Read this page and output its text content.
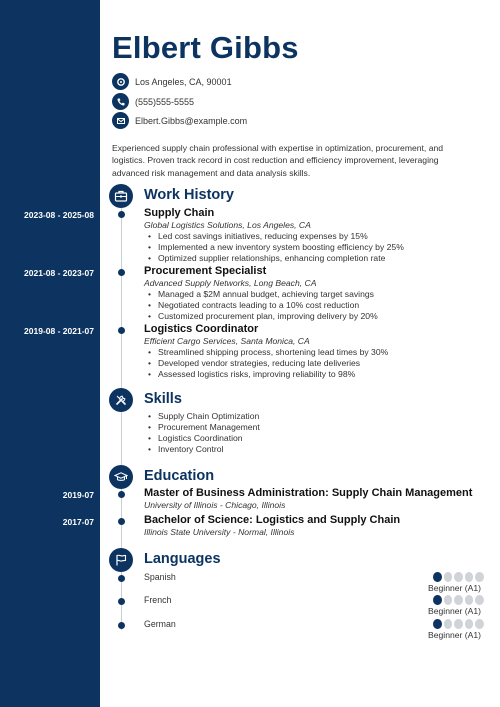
Elbert Gibbs
Los Angeles, CA, 90001
(555)555-5555
Elbert.Gibbs@example.com
Experienced supply chain professional with expertise in optimization, procurement, and logistics. Proven track record in cost reduction and efficiency improvement, leveraging advanced risk management and data analysis skills.
Work History
2023-08 - 2025-08	Supply Chain
Global Logistics Solutions, Los Angeles, CA
• Led cost savings initiatives, reducing expenses by 15%
• Implemented a new inventory system boosting efficiency by 25%
• Optimized supplier relationships, enhancing completion rate
2021-08 - 2023-07	Procurement Specialist
Advanced Supply Networks, Long Beach, CA
• Managed a $2M annual budget, achieving target savings
• Negotiated contracts leading to a 10% cost reduction
• Customized procurement plan, improving delivery by 20%
2019-08 - 2021-07	Logistics Coordinator
Efficient Cargo Services, Santa Monica, CA
• Streamlined shipping process, shortening lead times by 30%
• Developed vendor strategies, reducing late deliveries
• Assessed logistics risks, improving reliability to 98%
Skills
• Supply Chain Optimization
• Procurement Management
• Logistics Coordination
• Inventory Control
Education
2019-07	Master of Business Administration: Supply Chain Management
University of Illinois - Chicago, Illinois
2017-07	Bachelor of Science: Logistics and Supply Chain
Illinois State University - Normal, Illinois
Languages
Spanish
Beginner (A1)
French
Beginner (A1)
German
Beginner (A1)
